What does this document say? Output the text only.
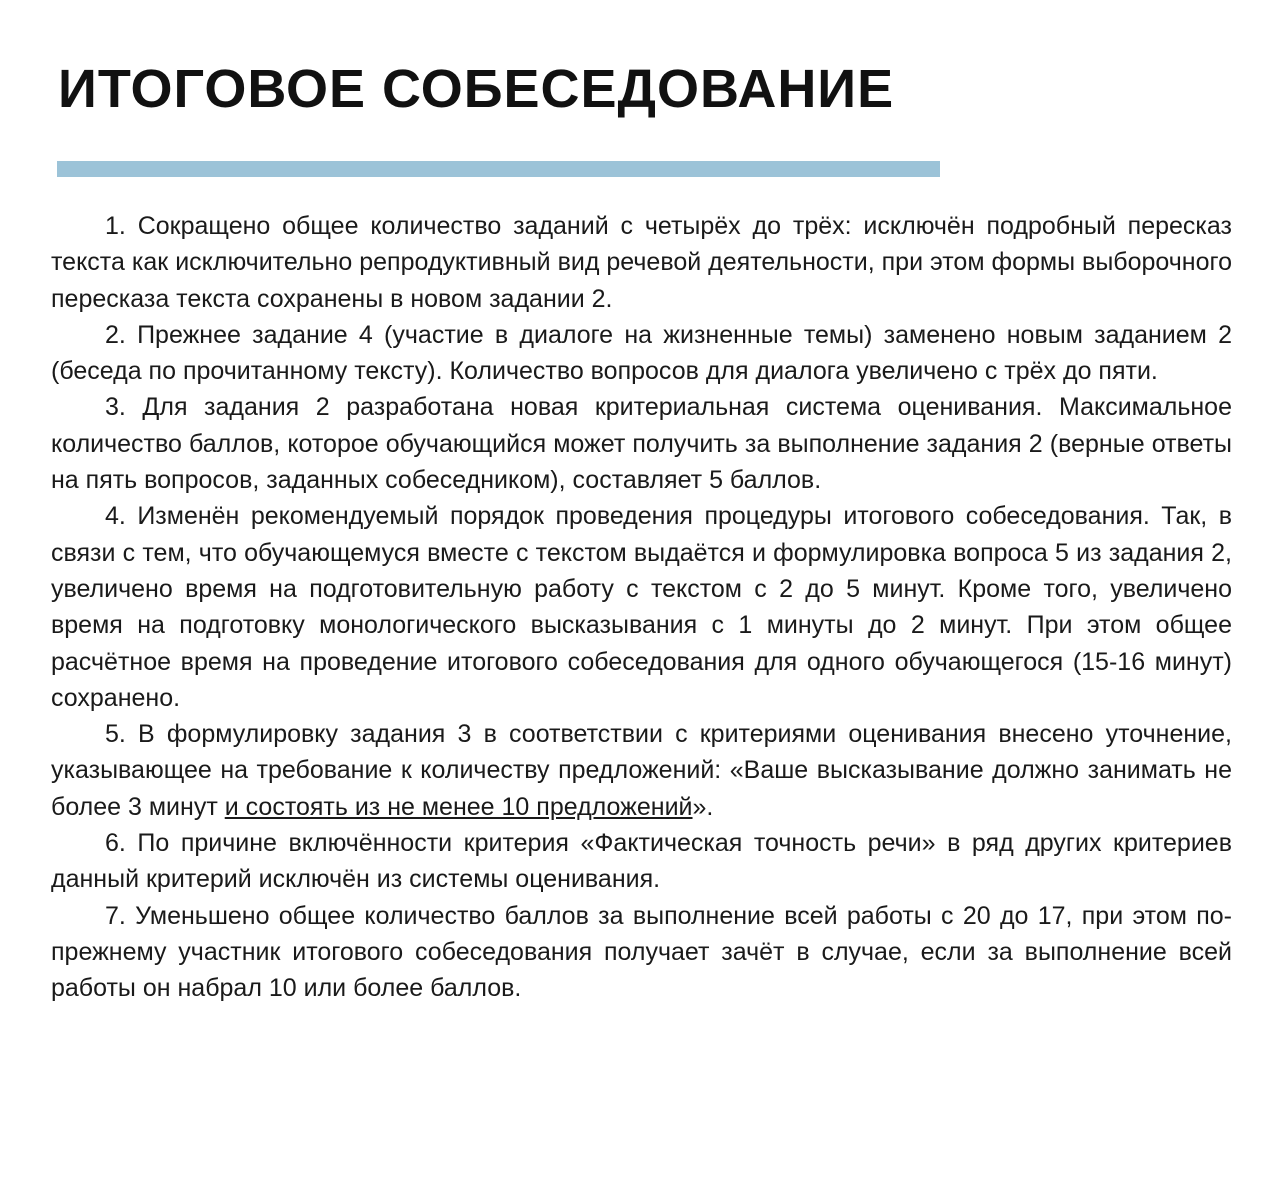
ИТОГОВОЕ СОБЕСЕДОВАНИЕ

1. Сокращено общее количество заданий с четырёх до трёх: исключён подробный пересказ текста как исключительно репродуктивный вид речевой деятельности, при этом формы выборочного пересказа текста сохранены в новом задании 2.

2. Прежнее задание 4 (участие в диалоге на жизненные темы) заменено новым заданием 2 (беседа по прочитанному тексту). Количество вопросов для диалога увеличено с трёх до пяти.

3. Для задания 2 разработана новая критериальная система оценивания. Максимальное количество баллов, которое обучающийся может получить за выполнение задания 2 (верные ответы на пять вопросов, заданных собеседником), составляет 5 баллов.

4. Изменён рекомендуемый порядок проведения процедуры итогового собеседования. Так, в связи с тем, что обучающемуся вместе с текстом выдаётся и формулировка вопроса 5 из задания 2, увеличено время на подготовительную работу с текстом с 2 до 5 минут. Кроме того, увеличено время на подготовку монологического высказывания с 1 минуты до 2 минут. При этом общее расчётное время на проведение итогового собеседования для одного обучающегося (15-16 минут) сохранено.

5. В формулировку задания 3 в соответствии с критериями оценивания внесено уточнение, указывающее на требование к количеству предложений: «Ваше высказывание должно занимать не более 3 минут и состоять из не менее 10 предложений».

6. По причине включённости критерия «Фактическая точность речи» в ряд других критериев данный критерий исключён из системы оценивания.

7. Уменьшено общее количество баллов за выполнение всей работы с 20 до 17, при этом по-прежнему участник итогового собеседования получает зачёт в случае, если за выполнение всей работы он набрал 10 или более баллов.
